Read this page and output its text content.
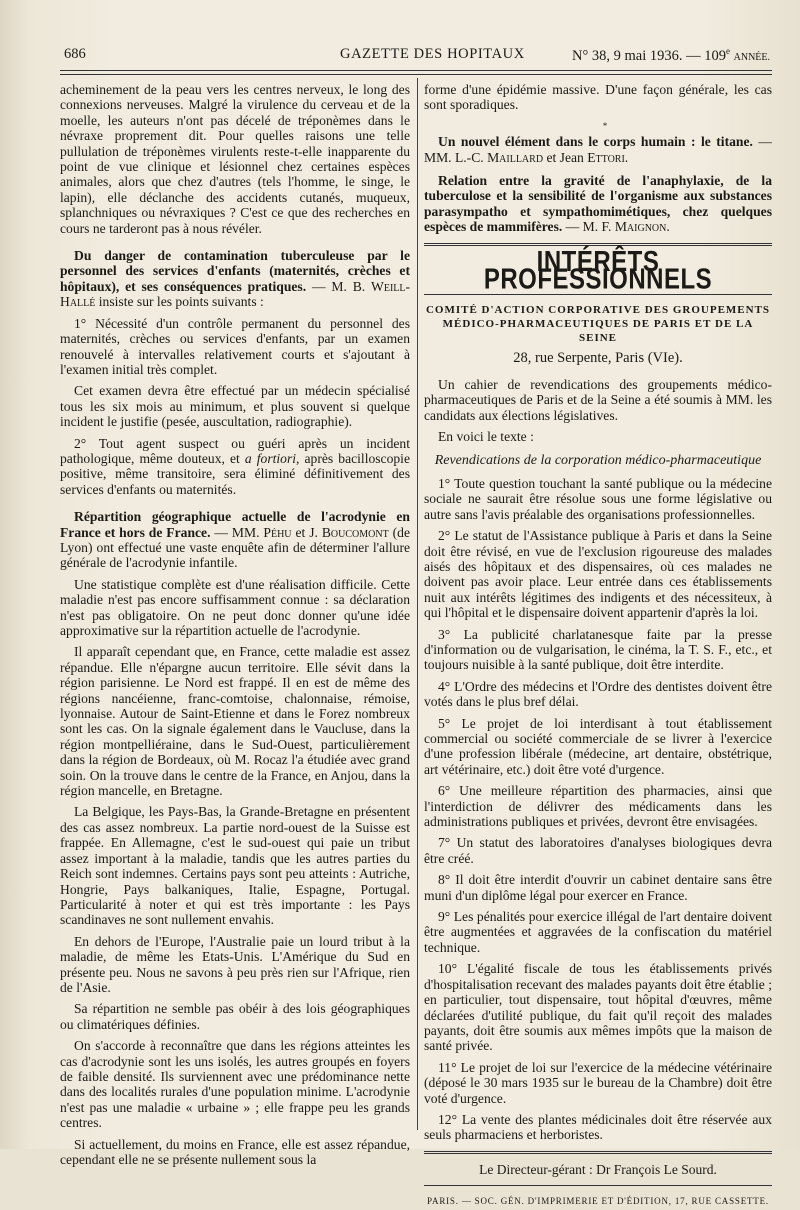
686	GAZETTE DES HOPITAUX	N° 38, 9 mai 1936. — 109e ANNÉE.

acheminement de la peau vers les centres nerveux, le long des connexions nerveuses. Malgré la virulence du cerveau et de la moelle, les auteurs n'ont pas décelé de tréponèmes dans le névraxe proprement dit. Pour quelles raisons une telle pullulation de tréponèmes virulents reste-t-elle inapparente du point de vue clinique et lésionnel chez certaines espèces animales, alors que chez d'autres (tels l'homme, le singe, le lapin), elle déclanche des accidents cutanés, muqueux, splanchniques ou névraxiques ? C'est ce que des recherches en cours ne tarderont pas à nous révéler.

Du danger de contamination tuberculeuse par le personnel des services d'enfants (maternités, crèches et hôpitaux), et ses conséquences pratiques. — M. B. Weill-Hallé insiste sur les points suivants :

1° Nécessité d'un contrôle permanent du personnel des maternités, crèches ou services d'enfants, par un examen renouvelé à intervalles relativement courts et s'ajoutant à l'examen initial très complet.

Cet examen devra être effectué par un médecin spécialisé tous les six mois au minimum, et plus souvent si quelque incident le justifie (pesée, auscultation, radiographie).

2° Tout agent suspect ou guéri après un incident pathologique, même douteux, et a fortiori, après bacilloscopie positive, même transitoire, sera éliminé définitivement des services d'enfants ou maternités.

Répartition géographique actuelle de l'acrodynie en France et hors de France. — MM. Péhu et J. Boucomont (de Lyon) ont effectué une vaste enquête afin de déterminer l'allure générale de l'acrodynie infantile.

Une statistique complète est d'une réalisation difficile. Cette maladie n'est pas encore suffisamment connue : sa déclaration n'est pas obligatoire. On ne peut donc donner qu'une idée approximative sur la répartition actuelle de l'acrodynie.

Il apparaît cependant que, en France, cette maladie est assez répandue. Elle n'épargne aucun territoire. Elle sévit dans la région parisienne. Le Nord est frappé. Il en est de même des régions nancéienne, franc-comtoise, chalonnaise, rémoise, lyonnaise. Autour de Saint-Etienne et dans le Forez nombreux sont les cas. On la signale également dans le Vaucluse, dans la région montpelliéraine, dans le Sud-Ouest, particulièrement dans la région de Bordeaux, où M. Rocaz l'a étudiée avec grand soin. On la trouve dans le centre de la France, en Anjou, dans la région mancelle, en Bretagne.

La Belgique, les Pays-Bas, la Grande-Bretagne en présentent des cas assez nombreux. La partie nord-ouest de la Suisse est frappée. En Allemagne, c'est le sud-ouest qui paie un tribut assez important à la maladie, tandis que les autres parties du Reich sont indemnes. Certains pays sont peu atteints : Autriche, Hongrie, Pays balkaniques, Italie, Espagne, Portugal. Particularité à noter et qui est très importante : les Pays scandinaves ne sont nullement envahis.

En dehors de l'Europe, l'Australie paie un lourd tribut à la maladie, de même les Etats-Unis. L'Amérique du Sud en présente peu. Nous ne savons à peu près rien sur l'Afrique, rien de l'Asie.

Sa répartition ne semble pas obéir à des lois géographiques ou climatériques définies.

On s'accorde à reconnaître que dans les régions atteintes les cas d'acrodynie sont les uns isolés, les autres groupés en foyers de faible densité. Ils surviennent avec une prédominance nette dans des localités rurales d'une population minime. L'acrodynie n'est pas une maladie « urbaine » ; elle frappe peu les grands centres.

Si actuellement, du moins en France, elle est assez répandue, cependant elle ne se présente nullement sous la

forme d'une épidémie massive. D'une façon générale, les cas sont sporadiques.

*

Un nouvel élément dans le corps humain : le titane. — MM. L.-C. Maillard et Jean Ettori.

Relation entre la gravité de l'anaphylaxie, de la tuberculose et la sensibilité de l'organisme aux substances parasympatho et sympathomimétiques, chez quelques espèces de mammifères. — M. F. Maignon.

INTÉRÊTS PROFESSIONNELS
COMITÉ D'ACTION CORPORATIVE DES GROUPEMENTS
MÉDICO-PHARMACEUTIQUES DE PARIS ET DE LA SEINE
28, rue Serpente, Paris (VIe).

Un cahier de revendications des groupements médico-pharmaceutiques de Paris et de la Seine a été soumis à MM. les candidats aux élections législatives.

En voici le texte :

Revendications de la corporation médico-pharmaceutique

1° Toute question touchant la santé publique ou la médecine sociale ne saurait être résolue sous une forme législative ou autre sans l'avis préalable des organisations professionnelles.

2° Le statut de l'Assistance publique à Paris et dans la Seine doit être révisé, en vue de l'exclusion rigoureuse des malades aisés des hôpitaux et des dispensaires, où ces malades ne doivent pas avoir place. Leur entrée dans ces établissements nuit aux intérêts légitimes des indigents et des nécessiteux, à qui l'hôpital et le dispensaire doivent appartenir d'après la loi.

3° La publicité charlatanesque faite par la presse d'information ou de vulgarisation, le cinéma, la T. S. F., etc., et toujours nuisible à la santé publique, doit être interdite.

4° L'Ordre des médecins et l'Ordre des dentistes doivent être votés dans le plus bref délai.

5° Le projet de loi interdisant à tout établissement commercial ou société commerciale de se livrer à l'exercice d'une profession libérale (médecine, art dentaire, obstétrique, art vétérinaire, etc.) doit être voté d'urgence.

6° Une meilleure répartition des pharmacies, ainsi que l'interdiction de délivrer des médicaments dans les administrations publiques et privées, devront être envisagées.

7° Un statut des laboratoires d'analyses biologiques devra être créé.

8° Il doit être interdit d'ouvrir un cabinet dentaire sans être muni d'un diplôme légal pour exercer en France.

9° Les pénalités pour exercice illégal de l'art dentaire doivent être augmentées et aggravées de la confiscation du matériel technique.

10° L'égalité fiscale de tous les établissements privés d'hospitalisation recevant des malades payants doit être établie ; en particulier, tout dispensaire, tout hôpital d'œuvres, même déclarées d'utilité publique, du fait qu'il reçoit des malades payants, doit être soumis aux mêmes impôts que la maison de santé privée.

11° Le projet de loi sur l'exercice de la médecine vétérinaire (déposé le 30 mars 1935 sur le bureau de la Chambre) doit être voté d'urgence.

12° La vente des plantes médicinales doit être réservée aux seuls pharmaciens et herboristes.

Le Directeur-gérant : Dr François Le Sourd.
PARIS. — SOC. GÉN. D'IMPRIMERIE ET D'ÉDITION, 17, RUE CASSETTE.
